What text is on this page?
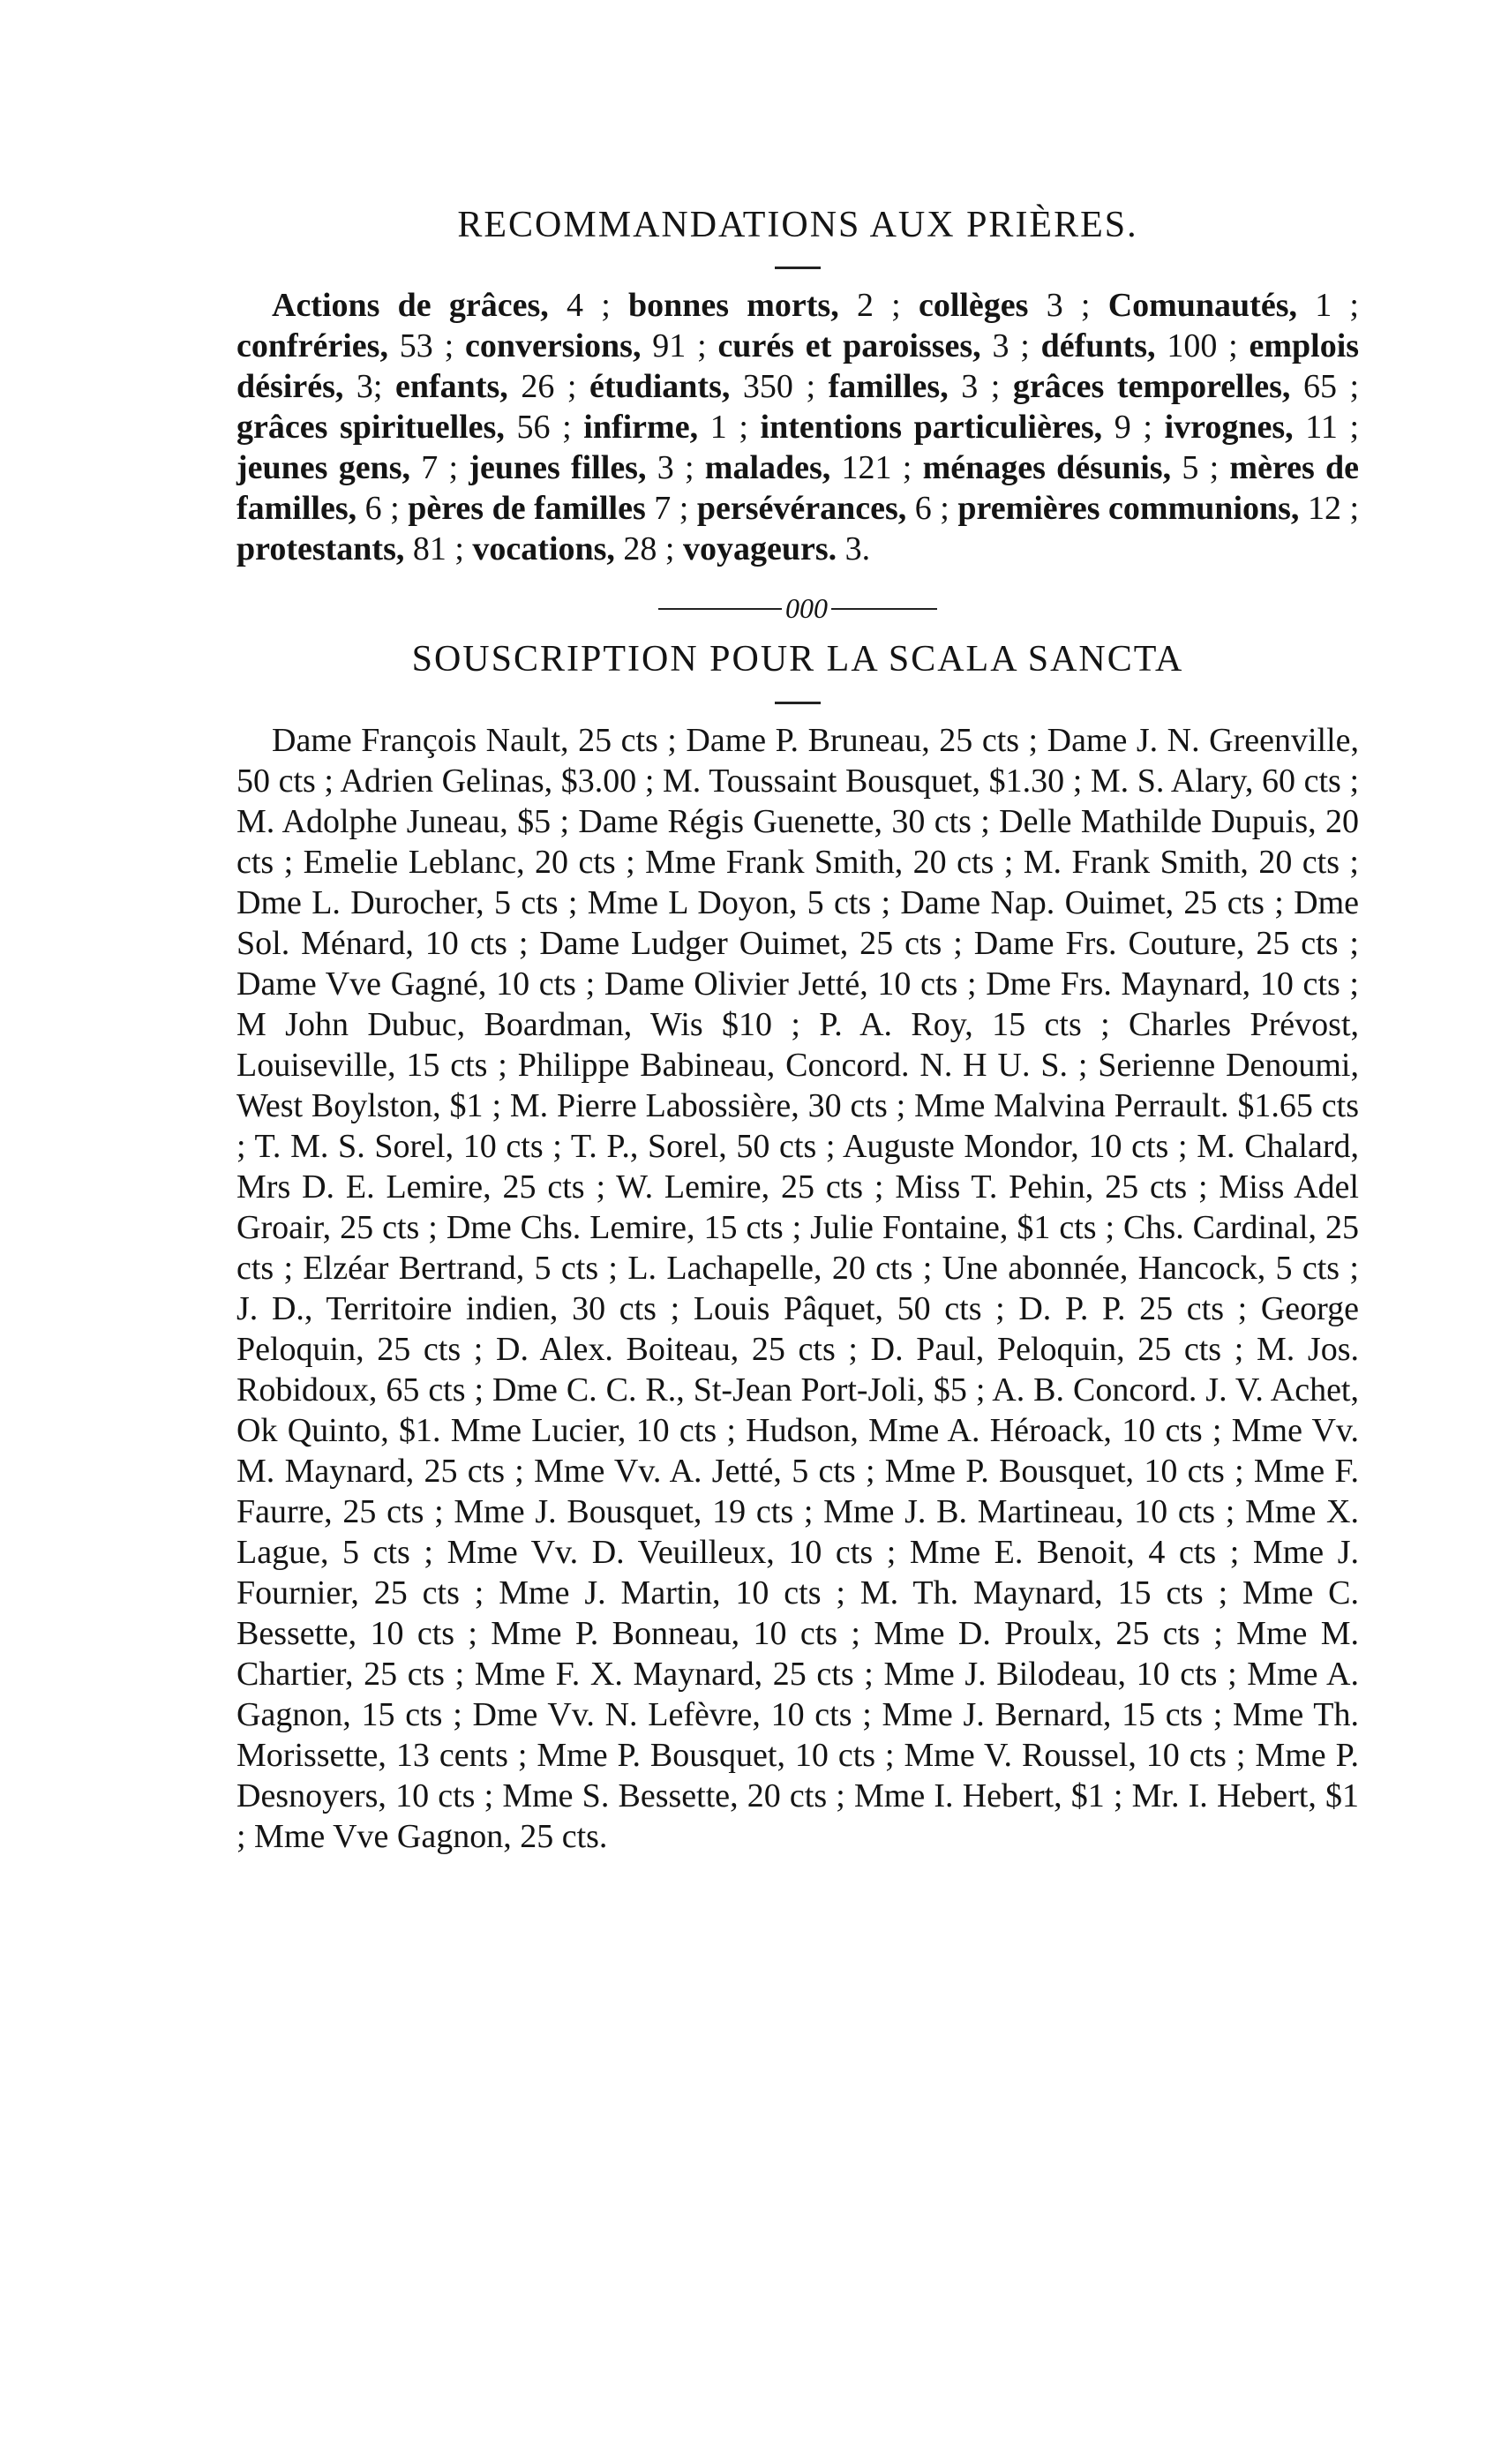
RECOMMANDATIONS AUX PRIÈRES.

Actions de grâces, 4 ; bonnes morts, 2 ; collèges 3 ; Comunautés, 1 ; confréries, 53 ; conversions, 91 ; curés et paroisses, 3 ; défunts, 100 ; emplois désirés, 3; enfants, 26 ; étudiants, 350 ; familles, 3 ; grâces temporelles, 65 ; grâces spirituelles, 56 ; infirme, 1 ; intentions particulières, 9 ; ivrognes, 11 ; jeunes gens, 7 ; jeunes filles, 3 ; malades, 121 ; ménages désunis, 5 ; mères de familles, 6 ; pères de familles 7 ; persévérances, 6 ; premières communions, 12 ; protestants, 81 ; vocations, 28 ; voyageurs. 3.

000
SOUSCRIPTION POUR LA SCALA SANCTA

Dame François Nault, 25 cts ; Dame P. Bruneau, 25 cts ; Dame J. N. Greenville, 50 cts ; Adrien Gelinas, $3.00 ; M. Toussaint Bousquet, $1.30 ; M. S. Alary, 60 cts ; M. Adolphe Juneau, $5 ; Dame Régis Guenette, 30 cts ; Delle Mathilde Dupuis, 20 cts ; Emelie Leblanc, 20 cts ; Mme Frank Smith, 20 cts ; M. Frank Smith, 20 cts ; Dme L. Durocher, 5 cts ; Mme L Doyon, 5 cts ; Dame Nap. Ouimet, 25 cts ; Dme Sol. Ménard, 10 cts ; Dame Ludger Ouimet, 25 cts ; Dame Frs. Couture, 25 cts ; Dame Vve Gagné, 10 cts ; Dame Olivier Jetté, 10 cts ; Dme Frs. Maynard, 10 cts ; M John Dubuc, Boardman, Wis $10 ; P. A. Roy, 15 cts ; Charles Prévost, Louiseville, 15 cts ; Philippe Babineau, Concord. N. H U. S. ; Serienne Denoumi, West Boylston, $1 ; M. Pierre Labossière, 30 cts ; Mme Malvina Perrault. $1.65 cts ; T. M. S. Sorel, 10 cts ; T. P., Sorel, 50 cts ; Auguste Mondor, 10 cts ; M. Chalard, Mrs D. E. Lemire, 25 cts ; W. Lemire, 25 cts ; Miss T. Pehin, 25 cts ; Miss Adel Groair, 25 cts ; Dme Chs. Lemire, 15 cts ; Julie Fontaine, $1 cts ; Chs. Cardinal, 25 cts ; Elzéar Bertrand, 5 cts ; L. Lachapelle, 20 cts ; Une abonnée, Hancock, 5 cts ; J. D., Territoire indien, 30 cts ; Louis Pâquet, 50 cts ; D. P. P. 25 cts ; George Peloquin, 25 cts ; D. Alex. Boiteau, 25 cts ; D. Paul, Peloquin, 25 cts ; M. Jos. Robidoux, 65 cts ; Dme C. C. R., St-Jean Port-Joli, $5 ; A. B. Concord. J. V. Achet, Ok Quinto, $1. Mme Lucier, 10 cts ; Hudson, Mme A. Héroack, 10 cts ; Mme Vv. M. Maynard, 25 cts ; Mme Vv. A. Jetté, 5 cts ; Mme P. Bousquet, 10 cts ; Mme F. Faurre, 25 cts ; Mme J. Bousquet, 19 cts ; Mme J. B. Martineau, 10 cts ; Mme X. Lague, 5 cts ; Mme Vv. D. Veuilleux, 10 cts ; Mme E. Benoit, 4 cts ; Mme J. Fournier, 25 cts ; Mme J. Martin, 10 cts ; M. Th. Maynard, 15 cts ; Mme C. Bessette, 10 cts ; Mme P. Bonneau, 10 cts ; Mme D. Proulx, 25 cts ; Mme M. Chartier, 25 cts ; Mme F. X. Maynard, 25 cts ; Mme J. Bilodeau, 10 cts ; Mme A. Gagnon, 15 cts ; Dme Vv. N. Lefèvre, 10 cts ; Mme J. Bernard, 15 cts ; Mme Th. Morissette, 13 cents ; Mme P. Bousquet, 10 cts ; Mme V. Roussel, 10 cts ; Mme P. Desnoyers, 10 cts ; Mme S. Bessette, 20 cts ; Mme I. Hebert, $1 ; Mr. I. Hebert, $1 ; Mme Vve Gagnon, 25 cts.
